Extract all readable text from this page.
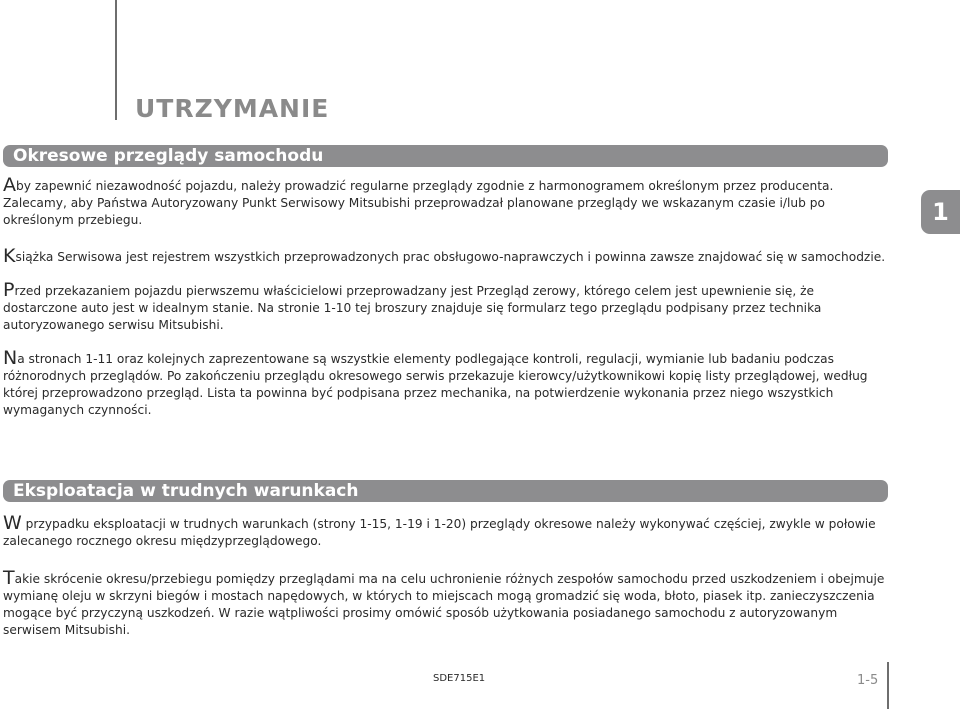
UTRZYMANIE
1
Okresowe przeglądy samochodu
Aby zapewnić niezawodność pojazdu, należy prowadzić regularne przeglądy zgodnie z harmonogramem określonym przez producenta. Zalecamy, aby Państwa Autoryzowany Punkt Serwisowy Mitsubishi przeprowadzał planowane przeglądy we wskazanym czasie i/lub po określonym przebiegu.
Książka Serwisowa jest rejestrem wszystkich przeprowadzonych prac obsługowo-naprawczych i powinna zawsze znajdować się w samochodzie.
Przed przekazaniem pojazdu pierwszemu właścicielowi przeprowadzany jest Przegląd zerowy, którego celem jest upewnienie się, że dostarczone auto jest w idealnym stanie. Na stronie 1-10 tej broszury znajduje się formularz tego przeglądu podpisany przez technika autoryzowanego serwisu Mitsubishi.
Na stronach 1-11 oraz kolejnych zaprezentowane są wszystkie elementy podlegające kontroli, regulacji, wymianie lub badaniu podczas różnorodnych przeglądów. Po zakończeniu przeglądu okresowego serwis przekazuje kierowcy/użytkownikowi kopię listy przeglądowej, według której przeprowadzono przegląd. Lista ta powinna być podpisana przez mechanika, na potwierdzenie wykonania przez niego wszystkich wymaganych czynności.
Eksploatacja w trudnych warunkach
W przypadku eksploatacji w trudnych warunkach (strony 1-15, 1-19 i 1-20) przeglądy okresowe należy wykonywać częściej, zwykle w połowie zalecanego rocznego okresu międzyprzeglądowego.
Takie skrócenie okresu/przebiegu pomiędzy przeglądami ma na celu uchronienie różnych zespołów samochodu przed uszkodzeniem i obejmuje wymianę oleju w skrzyni biegów i mostach napędowych, w których to miejscach mogą gromadzić się woda, błoto, piasek itp. zanieczyszczenia mogące być przyczyną uszkodzeń. W razie wątpliwości prosimy omówić sposób użytkowania posiadanego samochodu z autoryzowanym serwisem Mitsubishi.
SDE715E1	1-5
